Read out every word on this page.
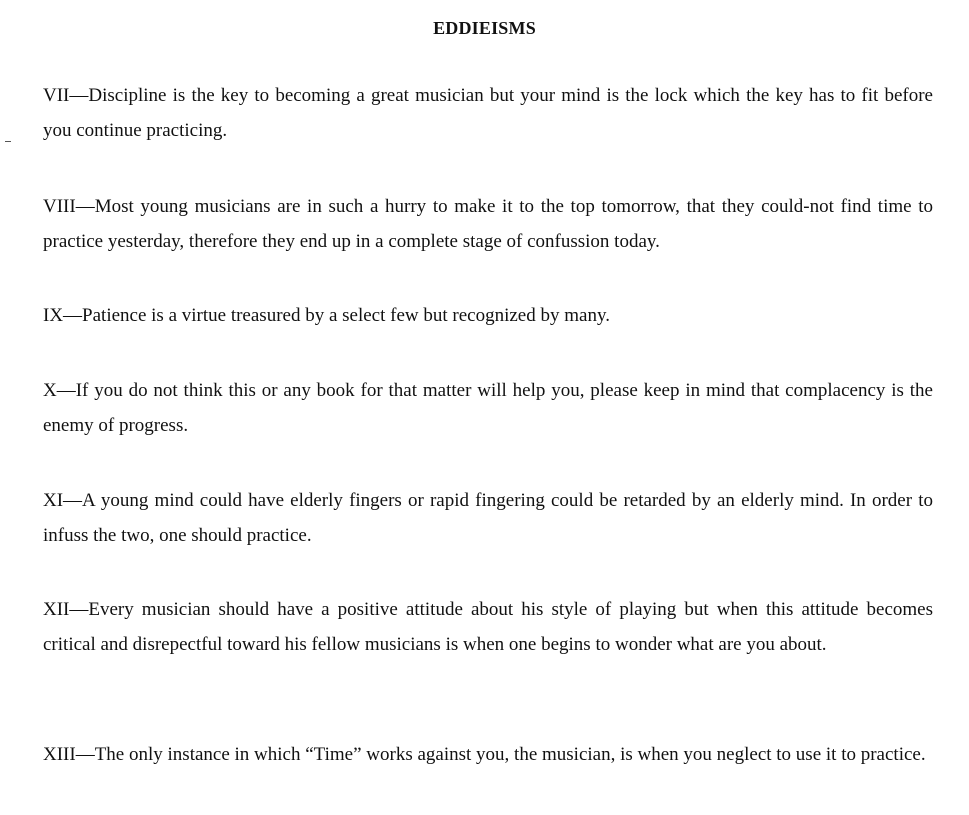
EDDIEISMS

VII—Discipline is the key to becoming a great musician but your mind is the lock which the key has to fit before you continue practicing.

VIII—Most young musicians are in such a hurry to make it to the top tomorrow, that they could-not find time to practice yesterday, therefore they end up in a complete stage of confussion today.

IX—Patience is a virtue treasured by a select few but recognized by many.

X—If you do not think this or any book for that matter will help you, please keep in mind that complacency is the enemy of progress.

XI—A young mind could have elderly fingers or rapid fingering could be retarded by an elderly mind. In order to infuss the two, one should practice.

XII—Every musician should have a positive attitude about his style of playing but when this attitude becomes critical and disrepectful toward his fellow musicians is when one begins to wonder what are you about.

XIII—The only instance in which “Time” works against you, the musician, is when you neglect to use it to practice.
